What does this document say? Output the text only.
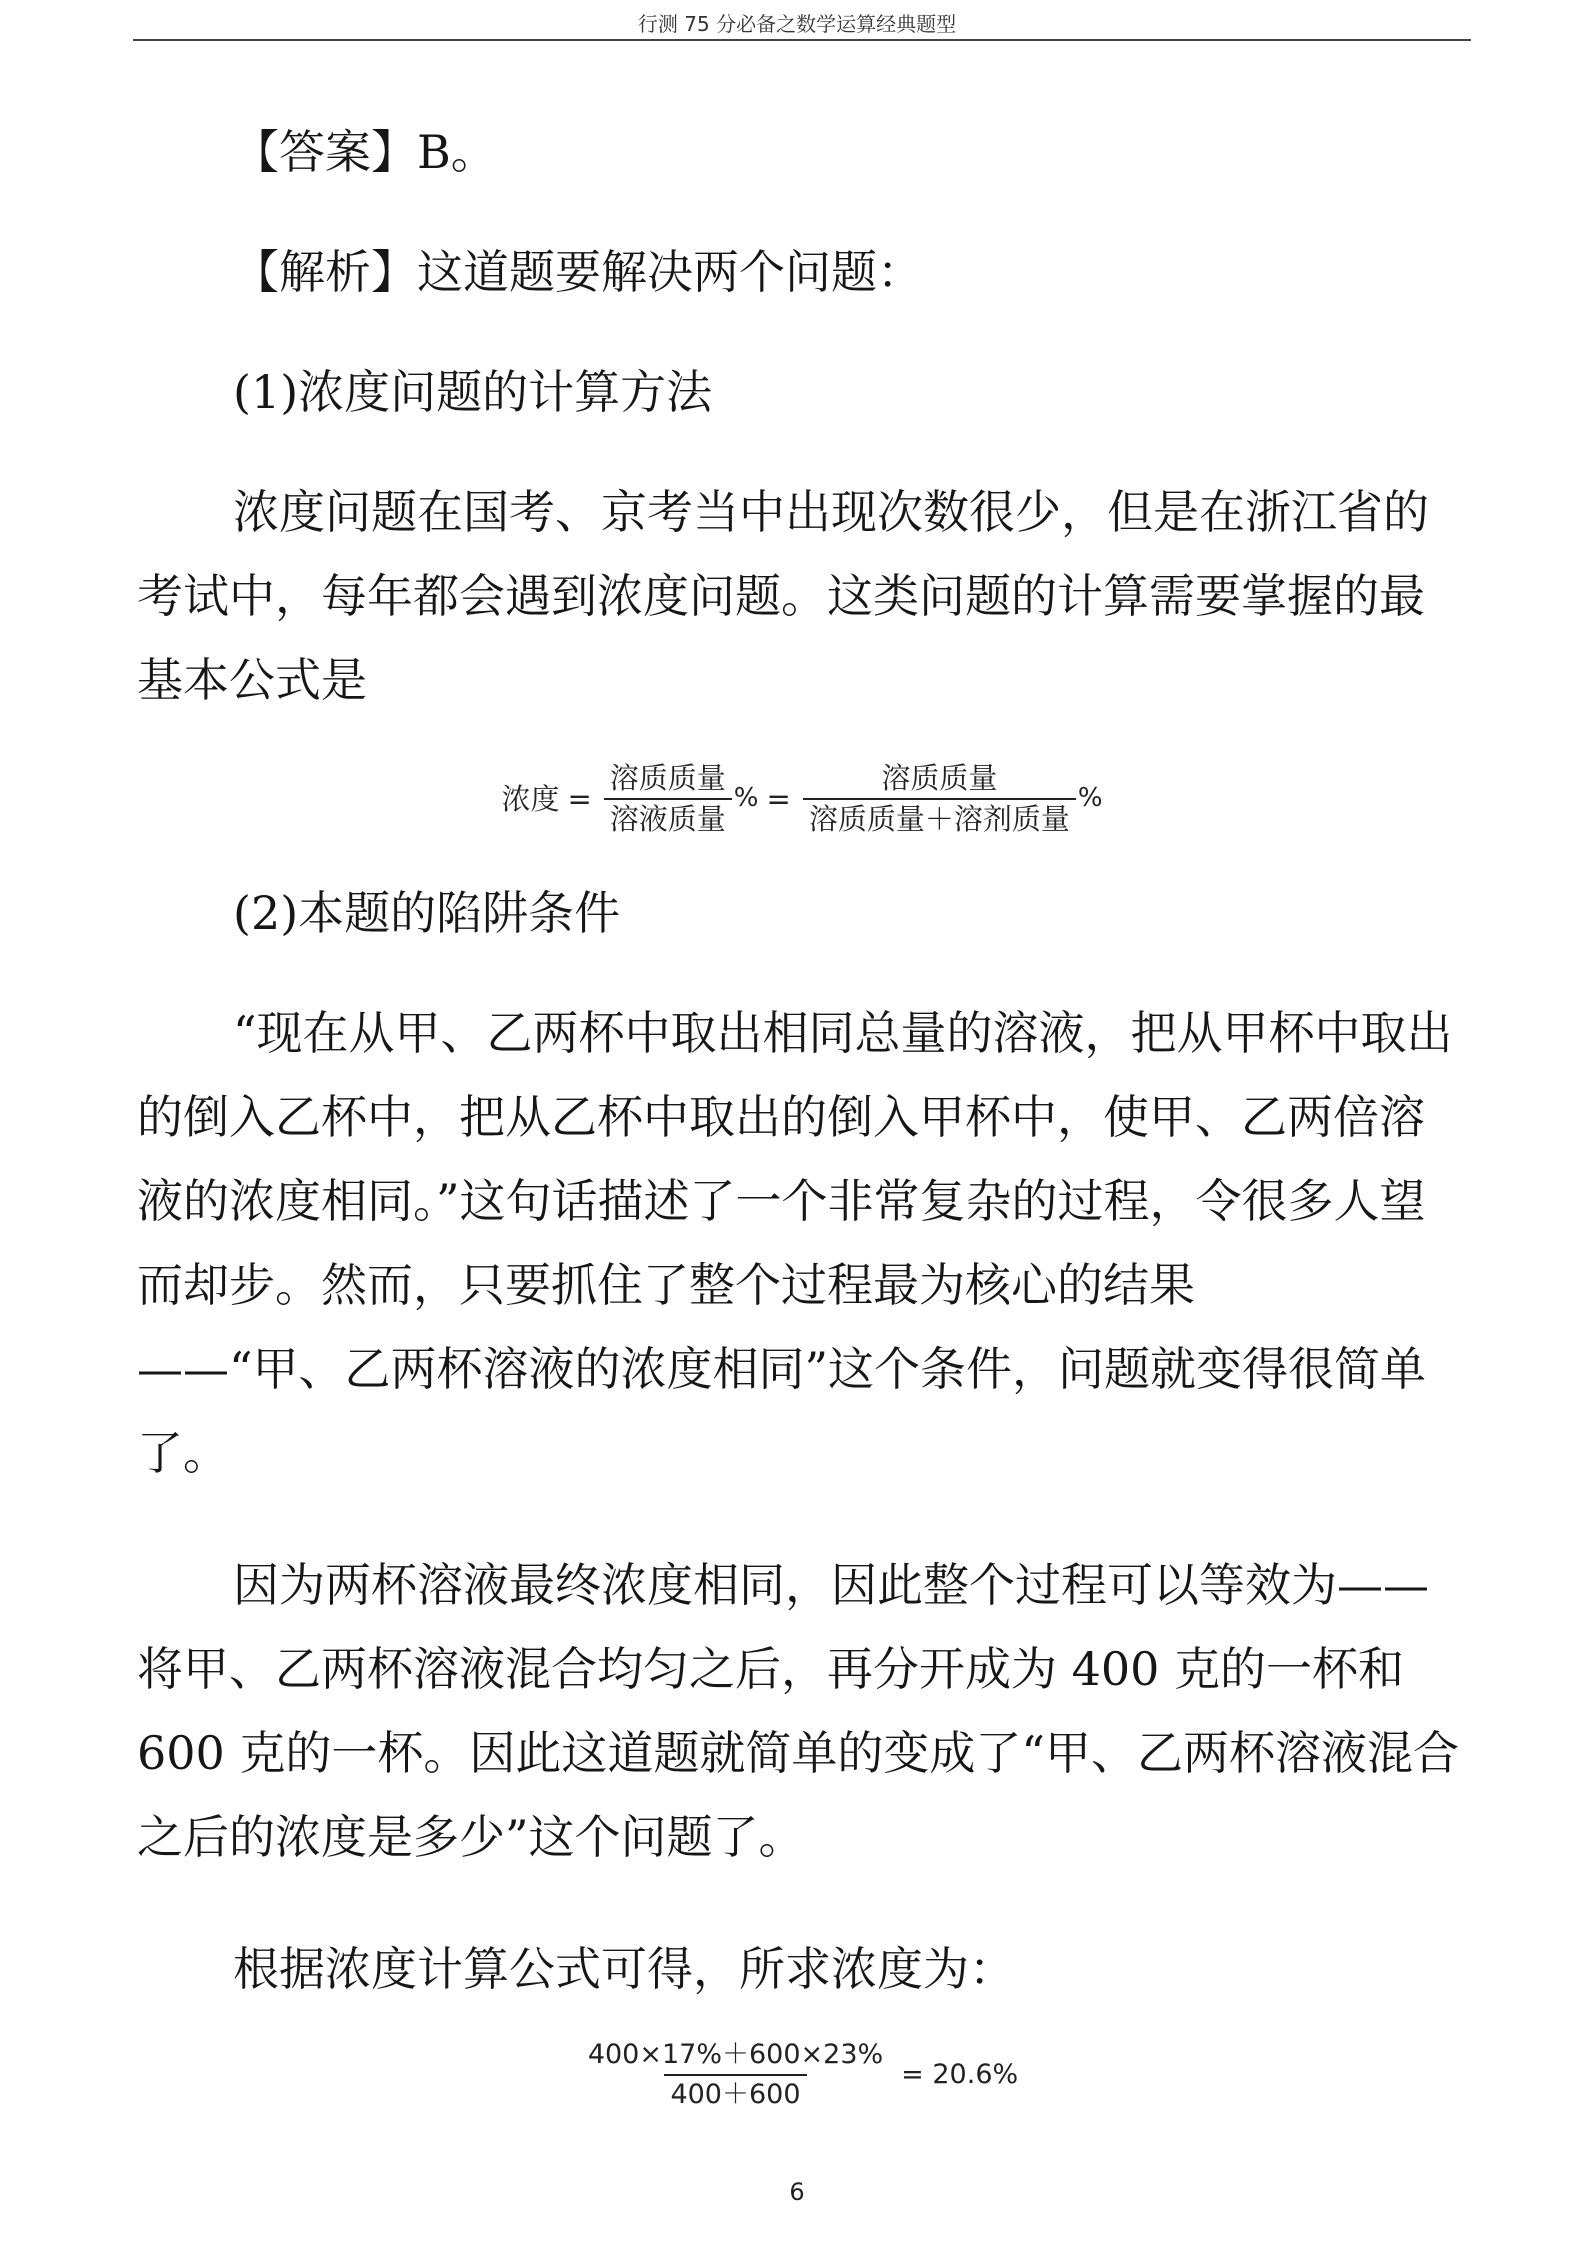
行测 75 分必备之数学运算经典题型

【答案】B。

【解析】这道题要解决两个问题：

(1)浓度问题的计算方法

浓度问题在国考、京考当中出现次数很少，但是在浙江省的考试中，每年都会遇到浓度问题。这类问题的计算需要掌握的最基本公式是

浓度 = $\frac{\text{溶质质量}}{\text{溶液质量}}$ % = $\frac{\text{溶质质量}}{\text{溶质质量＋溶剂质量}}$ %

(2)本题的陷阱条件

“现在从甲、乙两杯中取出相同总量的溶液，把从甲杯中取出的倒入乙杯中，把从乙杯中取出的倒入甲杯中，使甲、乙两倍溶液的浓度相同。”这句话描述了一个非常复杂的过程，令很多人望而却步。然而，只要抓住了整个过程最为核心的结果

——“甲、乙两杯溶液的浓度相同”这个条件，问题就变得很简单了。

因为两杯溶液最终浓度相同，因此整个过程可以等效为——将甲、乙两杯溶液混合均匀之后，再分开成为 400 克的一杯和 600 克的一杯。因此这道题就简单的变成了“甲、乙两杯溶液混合之后的浓度是多少”这个问题了。

根据浓度计算公式可得，所求浓度为：

$\frac{400\times 17\%+600\times 23\%}{400+600} = 20.6\%$
6
